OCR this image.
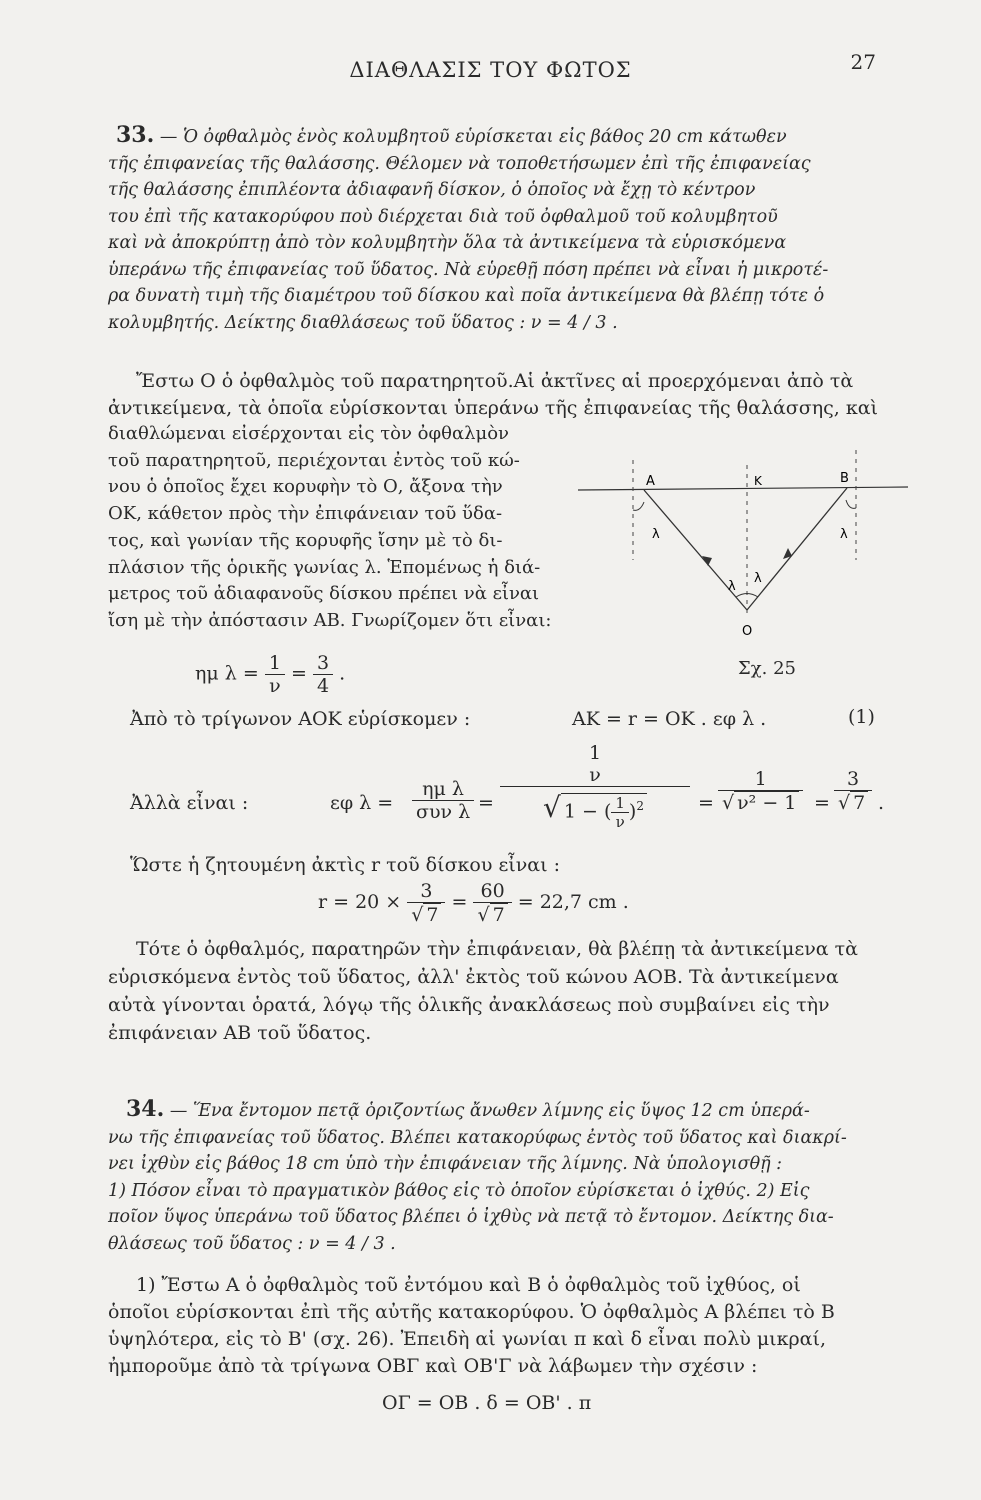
ΔΙΑΘΛΑΣΙΣ ΤΟΥ ΦΩΤΟΣ	27
33. — Ὁ ὀφθαλμὸς ἑνὸς κολυμβητοῦ εὑρίσκεται εἰς βάθος 20 cm κάτωθεν
τῆς ἐπιφανείας τῆς θαλάσσης. Θέλομεν νὰ τοποθετήσωμεν ἐπὶ τῆς ἐπιφανείας
τῆς θαλάσσης ἐπιπλέοντα ἀδιαφανῆ δίσκον, ὁ ὁποῖος νὰ ἔχῃ τὸ κέντρον
του ἐπὶ τῆς κατακορύφου ποὺ διέρχεται διὰ τοῦ ὀφθαλμοῦ τοῦ κολυμβητοῦ
καὶ νὰ ἀποκρύπτῃ ἀπὸ τὸν κολυμβητὴν ὅλα τὰ ἀντικείμενα τὰ εὑρισκόμενα
ὑπεράνω τῆς ἐπιφανείας τοῦ ὕδατος. Νὰ εὑρεθῇ πόση πρέπει νὰ εἶναι ἡ μικροτέ-
ρα δυνατὴ τιμὴ τῆς διαμέτρου τοῦ δίσκου καὶ ποῖα ἀντικείμενα θὰ βλέπῃ τότε ὁ
κολυμβητής. Δείκτης διαθλάσεως τοῦ ὕδατος : ν = 4 / 3 .
Ἔστω Ο ὁ ὀφθαλμὸς τοῦ παρατηρητοῦ.Αἱ ἀκτῖνες αἱ προερχόμεναι ἀπὸ τὰ
ἀντικείμενα, τὰ ὁποῖα εὑρίσκονται ὑπεράνω τῆς ἐπιφανείας τῆς θαλάσσης, καὶ
διαθλώμεναι εἰσέρχονται εἰς τὸν ὀφθαλμὸν
τοῦ παρατηρητοῦ, περιέχονται ἐντὸς τοῦ κώ-
νου ὁ ὁποῖος ἔχει κορυφὴν τὸ Ο, ἄξονα τὴν
ΟΚ, κάθετον πρὸς τὴν ἐπιφάνειαν τοῦ ὕδα-
τος, καὶ γωνίαν τῆς κορυφῆς ἴσην μὲ τὸ δι-
πλάσιον τῆς ὁρικῆς γωνίας λ. Ἑπομένως ἡ διά-
μετρος τοῦ ἀδιαφανοῦς δίσκου πρέπει νὰ εἶναι
ἴση μὲ τὴν ἀπόστασιν ΑΒ. Γνωρίζομεν ὅτι εἶναι:
A	K	B
O
λ	λ
λ
λ
Σχ. 25
ημ $\lambda = \frac{1}{\nu} = \frac{3}{4}$ .
Ἀπὸ τὸ τρίγωνον ΑΟΚ εὑρίσκομεν :	ΑΚ = r = ΟΚ . εφ λ .	(1)
Ἀλλὰ εἶναι :	εφ λ =
ημ λ
συν λ =
1
ν
√ 1 − ( $\frac{1}{\nu} )^2$	= $\frac{1}{\text{√ ν² − 1}} = \frac{3}{√ 7}$ .
Ὥστε ἡ ζητουμένη ἀκτὶς r τοῦ δίσκου εἶναι :
$r = 20 \times \frac{3}{√ 7} = \frac{60}{√ 7} = 22,7$ cm .
Τότε ὁ ὀφθαλμός, παρατηρῶν τὴν ἐπιφάνειαν, θὰ βλέπῃ τὰ ἀντικείμενα τὰ
εὑρισκόμενα ἐντὸς τοῦ ὕδατος, ἀλλ' ἐκτὸς τοῦ κώνου ΑΟΒ. Τὰ ἀντικείμενα
αὐτὰ γίνονται ὁρατά, λόγῳ τῆς ὁλικῆς ἀνακλάσεως ποὺ συμβαίνει εἰς τὴν
ἐπιφάνειαν ΑΒ τοῦ ὕδατος.
34. — Ἕνα ἔντομον πετᾷ ὁριζοντίως ἄνωθεν λίμνης εἰς ὕψος 12 cm ὑπερά-
νω τῆς ἐπιφανείας τοῦ ὕδατος. Βλέπει κατακορύφως ἐντὸς τοῦ ὕδατος καὶ διακρί-
νει ἰχθὺν εἰς βάθος 18 cm ὑπὸ τὴν ἐπιφάνειαν τῆς λίμνης. Νὰ ὑπολογισθῇ :
1) Πόσον εἶναι τὸ πραγματικὸν βάθος εἰς τὸ ὁποῖον εὑρίσκεται ὁ ἰχθύς. 2) Εἰς
ποῖον ὕψος ὑπεράνω τοῦ ὕδατος βλέπει ὁ ἰχθὺς νὰ πετᾷ τὸ ἔντομον. Δείκτης δια-
θλάσεως τοῦ ὕδατος : ν = 4 / 3 .
1) Ἔστω Α ὁ ὀφθαλμὸς τοῦ ἐντόμου καὶ Β ὁ ὀφθαλμὸς τοῦ ἰχθύος, οἱ
ὁποῖοι εὑρίσκονται ἐπὶ τῆς αὐτῆς κατακορύφου. Ὁ ὀφθαλμὸς Α βλέπει τὸ Β
ὑψηλότερα, εἰς τὸ Β' (σχ. 26). Ἐπειδὴ αἱ γωνίαι π καὶ δ εἶναι πολὺ μικραί,
ἠμποροῦμε ἀπὸ τὰ τρίγωνα ΟΒΓ καὶ ΟΒ'Γ νὰ λάβωμεν τὴν σχέσιν :
ΟΓ = ΟΒ . δ = ΟΒ' . π
